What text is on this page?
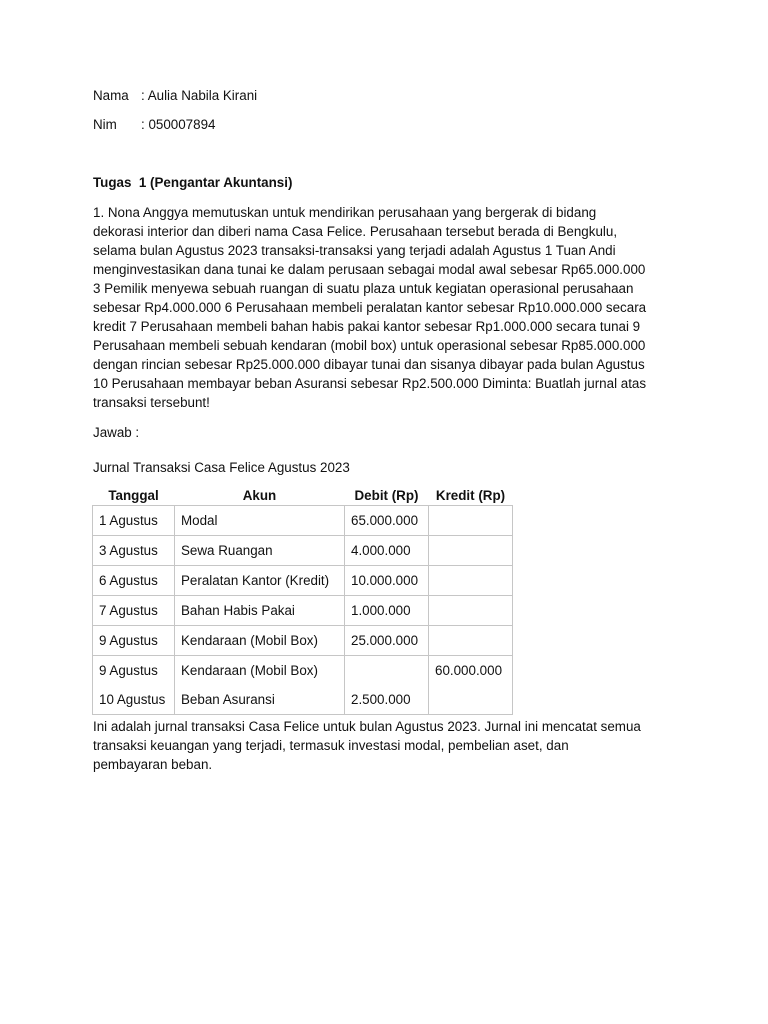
Nama : Aulia Nabila Kirani
Nim : 050007894
Tugas  1 (Pengantar Akuntansi)
1. Nona Anggya memutuskan untuk mendirikan perusahaan yang bergerak di bidang
dekorasi interior dan diberi nama Casa Felice. Perusahaan tersebut berada di Bengkulu,
selama bulan Agustus 2023 transaksi-transaksi yang terjadi adalah Agustus 1 Tuan Andi
menginvestasikan dana tunai ke dalam perusaan sebagai modal awal sebesar Rp65.000.000
3 Pemilik menyewa sebuah ruangan di suatu plaza untuk kegiatan operasional perusahaan
sebesar Rp4.000.000 6 Perusahaan membeli peralatan kantor sebesar Rp10.000.000 secara
kredit 7 Perusahaan membeli bahan habis pakai kantor sebesar Rp1.000.000 secara tunai 9
Perusahaan membeli sebuah kendaran (mobil box) untuk operasional sebesar Rp85.000.000
dengan rincian sebesar Rp25.000.000 dibayar tunai dan sisanya dibayar pada bulan Agustus
10 Perusahaan membayar beban Asuransi sebesar Rp2.500.000 Diminta: Buatlah jurnal atas
transaksi tersebunt!
Jawab :
Jurnal Transaksi Casa Felice Agustus 2023
Tanggal	Akun	Debit (Rp)	Kredit (Rp)
1 Agustus	Modal	65.000.000	
3 Agustus	Sewa Ruangan	4.000.000	
6 Agustus	Peralatan Kantor (Kredit)	10.000.000	
7 Agustus	Bahan Habis Pakai	1.000.000	
9 Agustus	Kendaraan (Mobil Box)	25.000.000	
9 Agustus	Kendaraan (Mobil Box)		60.000.000
10 Agustus	Beban Asuransi	2.500.000	
Ini adalah jurnal transaksi Casa Felice untuk bulan Agustus 2023. Jurnal ini mencatat semua
transaksi keuangan yang terjadi, termasuk investasi modal, pembelian aset, dan
pembayaran beban.
